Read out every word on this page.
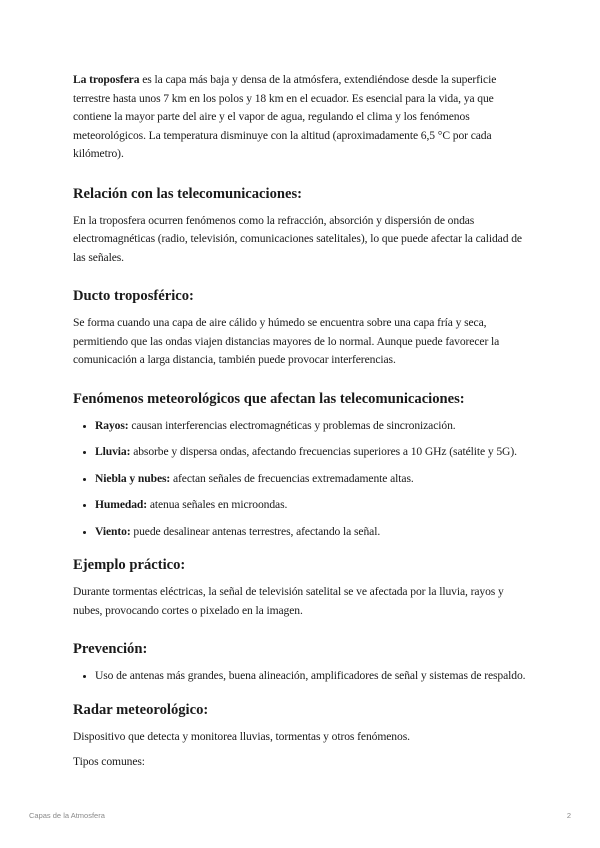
La troposfera es la capa más baja y densa de la atmósfera, extendiéndose desde la superficie terrestre hasta unos 7 km en los polos y 18 km en el ecuador. Es esencial para la vida, ya que contiene la mayor parte del aire y el vapor de agua, regulando el clima y los fenómenos meteorológicos. La temperatura disminuye con la altitud (aproximadamente 6,5 °C por cada kilómetro).

Relación con las telecomunicaciones:

En la troposfera ocurren fenómenos como la refracción, absorción y dispersión de ondas electromagnéticas (radio, televisión, comunicaciones satelitales), lo que puede afectar la calidad de las señales.

Ducto troposférico:

Se forma cuando una capa de aire cálido y húmedo se encuentra sobre una capa fría y seca, permitiendo que las ondas viajen distancias mayores de lo normal. Aunque puede favorecer la comunicación a larga distancia, también puede provocar interferencias.

Fenómenos meteorológicos que afectan las telecomunicaciones:
• Rayos: causan interferencias electromagnéticas y problemas de sincronización.
• Lluvia: absorbe y dispersa ondas, afectando frecuencias superiores a 10 GHz (satélite y 5G).
• Niebla y nubes: afectan señales de frecuencias extremadamente altas.
• Humedad: atenua señales en microondas.
• Viento: puede desalinear antenas terrestres, afectando la señal.
Ejemplo práctico:

Durante tormentas eléctricas, la señal de televisión satelital se ve afectada por la lluvia, rayos y nubes, provocando cortes o pixelado en la imagen.

Prevención:
• Uso de antenas más grandes, buena alineación, amplificadores de señal y sistemas de respaldo.
Radar meteorológico:

Dispositivo que detecta y monitorea lluvias, tormentas y otros fenómenos.

Tipos comunes:

Capas de la Atmosfera	2
